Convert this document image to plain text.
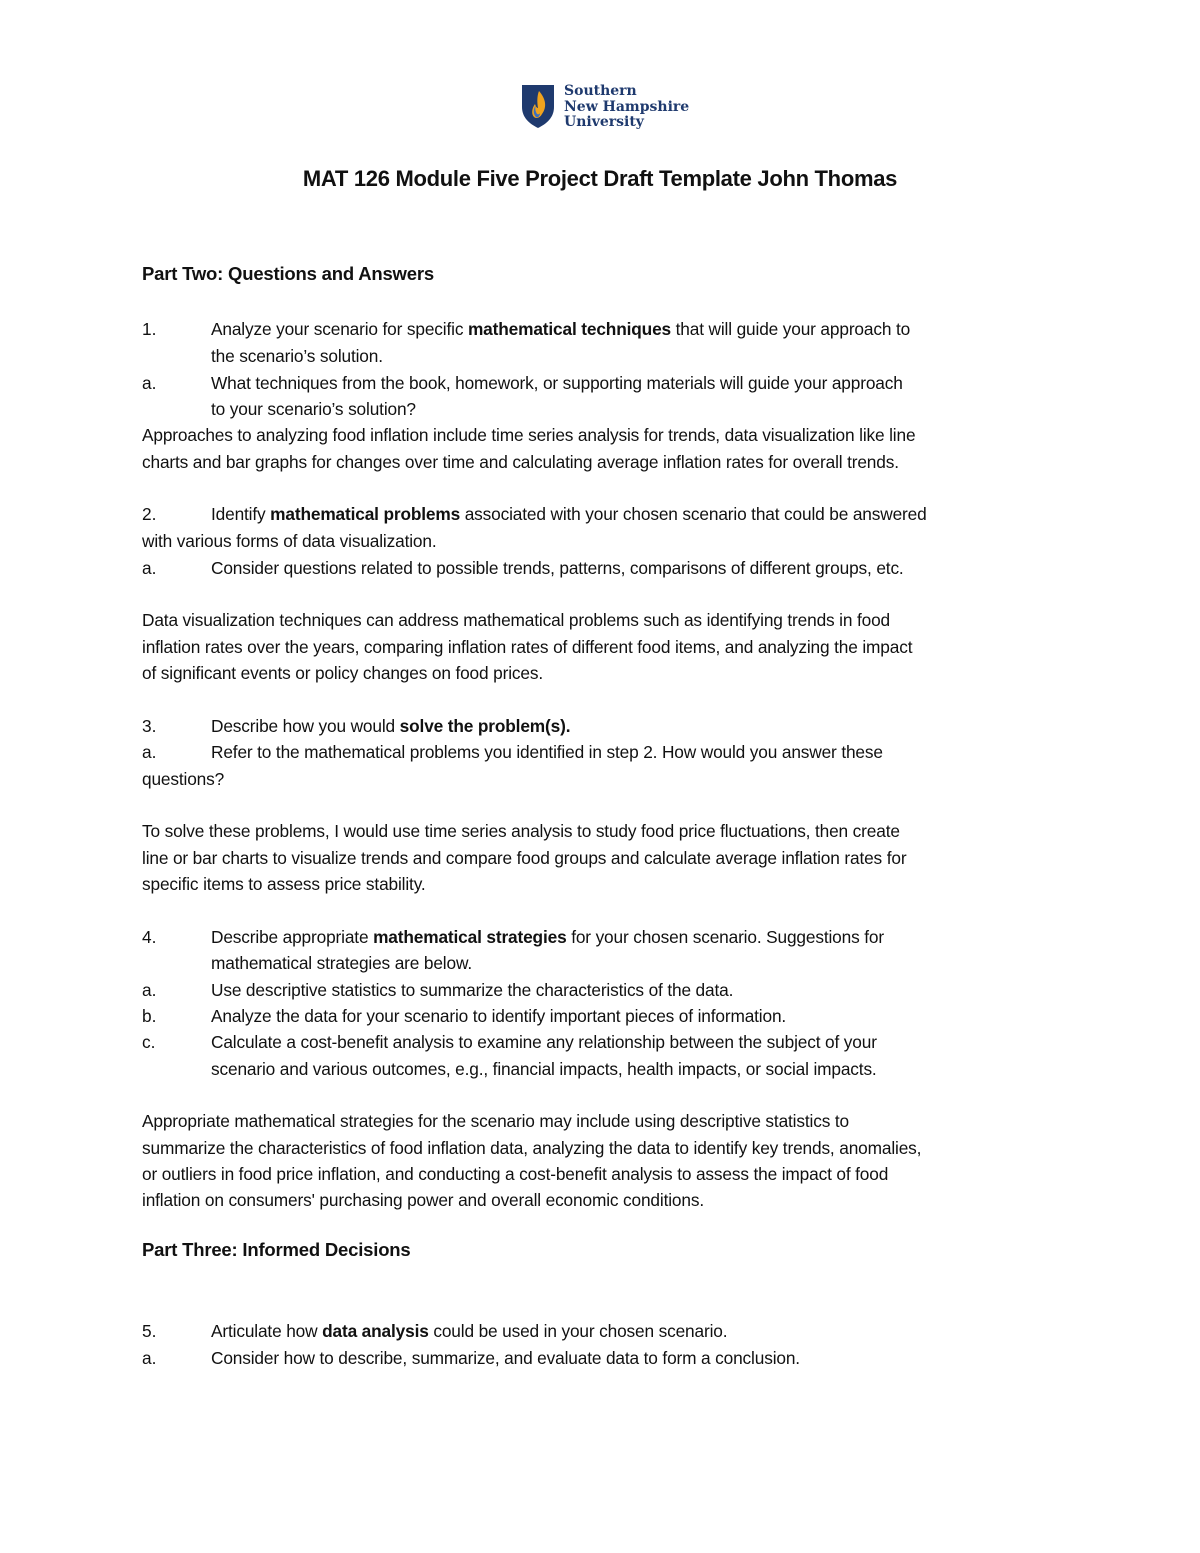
Southern
New Hampshire
University
MAT 126 Module Five Project Draft Template John Thomas
Part Two: Questions and Answers
1.	Analyze your scenario for specific mathematical techniques that will guide your approach to
the scenario’s solution.
a.	What techniques from the book, homework, or supporting materials will guide your approach
to your scenario’s solution?
Approaches to analyzing food inflation include time series analysis for trends, data visualization like line
charts and bar graphs for changes over time and calculating average inflation rates for overall trends.
2.	Identify mathematical problems associated with your chosen scenario that could be answered
with various forms of data visualization.
a.	Consider questions related to possible trends, patterns, comparisons of different groups, etc.
Data visualization techniques can address mathematical problems such as identifying trends in food
inflation rates over the years, comparing inflation rates of different food items, and analyzing the impact
of significant events or policy changes on food prices.
3.	Describe how you would solve the problem(s).
a.	Refer to the mathematical problems you identified in step 2. How would you answer these
questions?
To solve these problems, I would use time series analysis to study food price fluctuations, then create
line or bar charts to visualize trends and compare food groups and calculate average inflation rates for
specific items to assess price stability.
4.	Describe appropriate mathematical strategies for your chosen scenario. Suggestions for
mathematical strategies are below.
a.	Use descriptive statistics to summarize the characteristics of the data.
b.	Analyze the data for your scenario to identify important pieces of information.
c.	Calculate a cost-benefit analysis to examine any relationship between the subject of your
scenario and various outcomes, e.g., financial impacts, health impacts, or social impacts.
Appropriate mathematical strategies for the scenario may include using descriptive statistics to
summarize the characteristics of food inflation data, analyzing the data to identify key trends, anomalies,
or outliers in food price inflation, and conducting a cost-benefit analysis to assess the impact of food
inflation on consumers' purchasing power and overall economic conditions.
Part Three: Informed Decisions
5.	Articulate how data analysis could be used in your chosen scenario.
a.	Consider how to describe, summarize, and evaluate data to form a conclusion.
